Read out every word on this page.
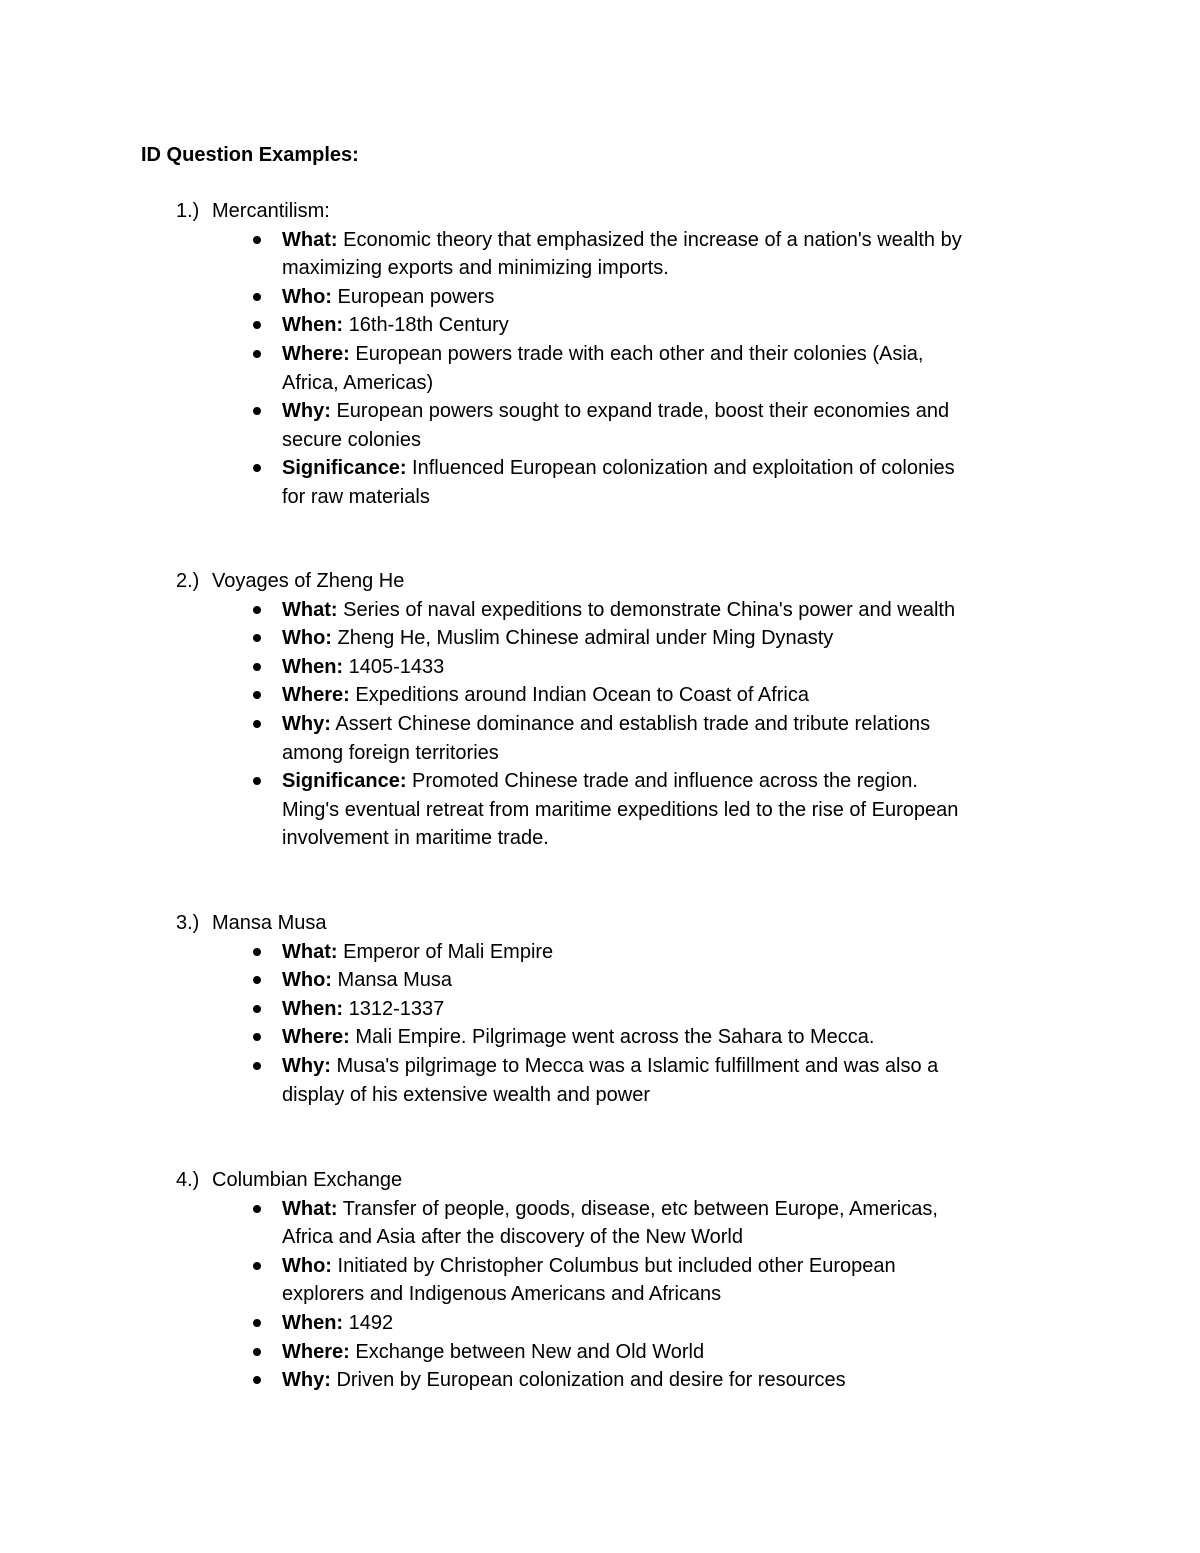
ID Question Examples:

1.) Mercantilism:

What: Economic theory that emphasized the increase of a nation's wealth by maximizing exports and minimizing imports.
Who: European powers
When: 16th-18th Century
Where: European powers trade with each other and their colonies (Asia, Africa, Americas)
Why: European powers sought to expand trade, boost their economies and secure colonies
Significance: Influenced European colonization and exploitation of colonies for raw materials

2.) Voyages of Zheng He

What: Series of naval expeditions to demonstrate China's power and wealth
Who: Zheng He, Muslim Chinese admiral under Ming Dynasty
When: 1405-1433
Where: Expeditions around Indian Ocean to Coast of Africa
Why: Assert Chinese dominance and establish trade and tribute relations among foreign territories
Significance: Promoted Chinese trade and influence across the region. Ming's eventual retreat from maritime expeditions led to the rise of European involvement in maritime trade.

3.) Mansa Musa

What: Emperor of Mali Empire
Who: Mansa Musa
When: 1312-1337
Where: Mali Empire. Pilgrimage went across the Sahara to Mecca.
Why: Musa's pilgrimage to Mecca was a Islamic fulfillment and was also a display of his extensive wealth and power

4.) Columbian Exchange

What: Transfer of people, goods, disease, etc between Europe, Americas, Africa and Asia after the discovery of the New World
Who: Initiated by Christopher Columbus but included other European explorers and Indigenous Americans and Africans
When: 1492
Where: Exchange between New and Old World
Why: Driven by European colonization and desire for resources
